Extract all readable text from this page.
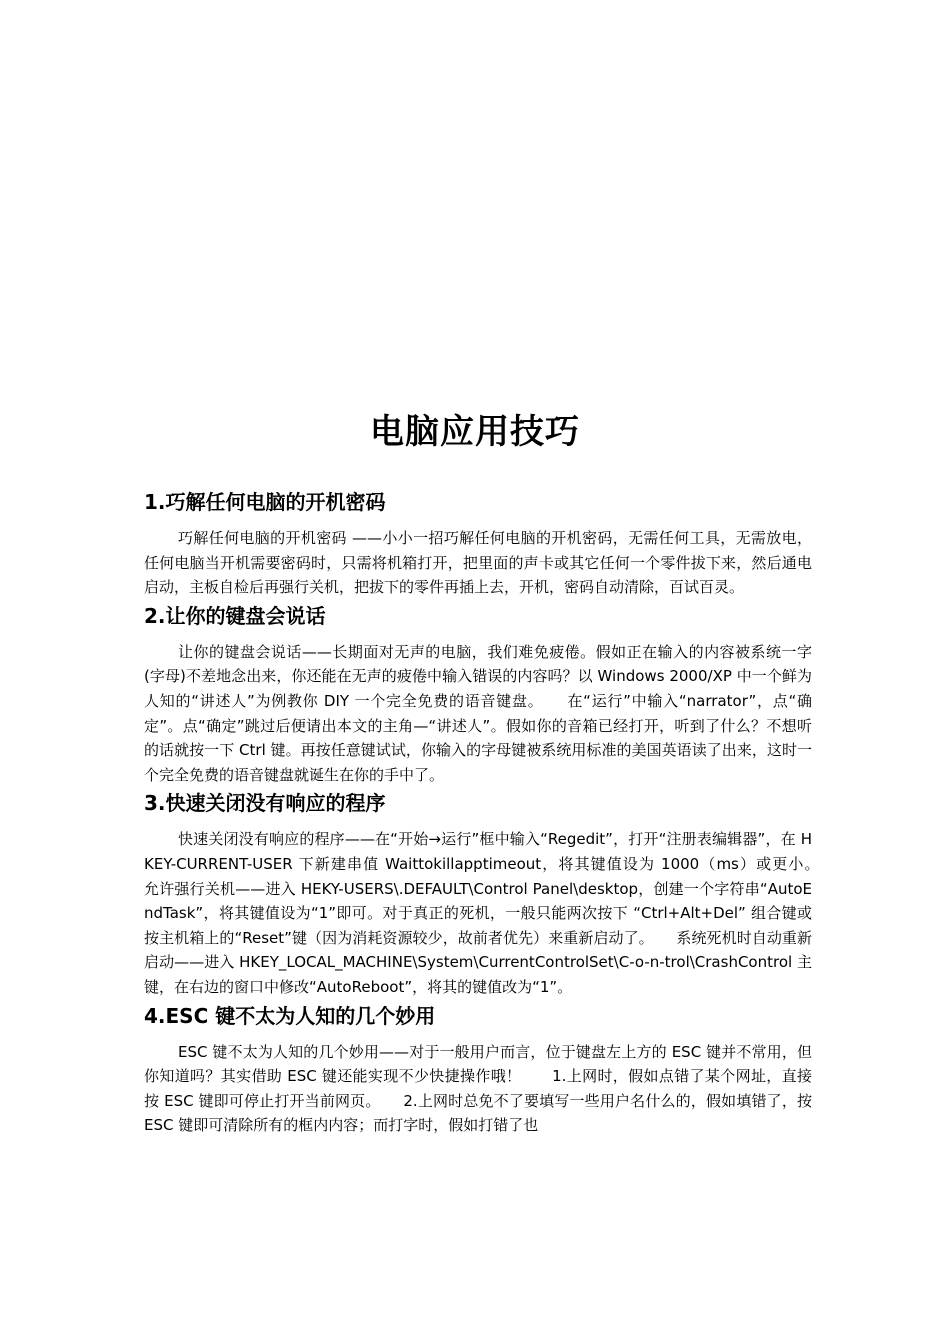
电脑应用技巧
1.巧解任何电脑的开机密码

巧解任何电脑的开机密码 ——小小一招巧解任何电脑的开机密码，无需任何工具，无需放电，任何电脑当开机需要密码时，只需将机箱打开，把里面的声卡或其它任何一个零件拔下来，然后通电启动，主板自检后再强行关机，把拔下的零件再插上去，开机，密码自动清除，百试百灵。

2.让你的键盘会说话

让你的键盘会说话——长期面对无声的电脑，我们难免疲倦。假如正在输入的内容被系统一字(字母)不差地念出来，你还能在无声的疲倦中输入错误的内容吗？以 Windows 2000/XP 中一个鲜为人知的“讲述人”为例教你 DIY 一个完全免费的语音键盘。　　在“运行”中输入“narrator”，点“确定”。点“确定”跳过后便请出本文的主角—“讲述人”。假如你的音箱已经打开，听到了什么？不想听的话就按一下 Ctrl 键。再按任意键试试，你输入的字母键被系统用标准的美国英语读了出来，这时一个完全免费的语音键盘就诞生在你的手中了。

3.快速关闭没有响应的程序

快速关闭没有响应的程序——在“开始→运行”框中输入“Regedit”，打开“注册表编辑器”，在 HKEY-CURRENT-USER 下新建串值 Waittokillapptimeout，将其键值设为 1000（ms）或更小。　　允许强行关机——进入 HEKY-USERS\.DEFAULT\Control Panel\desktop，创建一个字符串“AutoEndTask”，将其键值设为“1”即可。对于真正的死机，一般只能两次按下 “Ctrl+Alt+Del” 组合键或按主机箱上的“Reset”键（因为消耗资源较少，故前者优先）来重新启动了。　　系统死机时自动重新启动——进入 HKEY_LOCAL_MACHINE\System\CurrentControlSet\C-o-n-trol\CrashControl 主键，在右边的窗口中修改“AutoReboot”，将其的键值改为“1”。

4.ESC 键不太为人知的几个妙用

ESC 键不太为人知的几个妙用——对于一般用户而言，位于键盘左上方的 ESC 键并不常用，但你知道吗？其实借助 ESC 键还能实现不少快捷操作哦！　　1.上网时，假如点错了某个网址，直接按 ESC 键即可停止打开当前网页。　　2.上网时总免不了要填写一些用户名什么的，假如填错了，按 ESC 键即可清除所有的框内内容；而打字时，假如打错了也
